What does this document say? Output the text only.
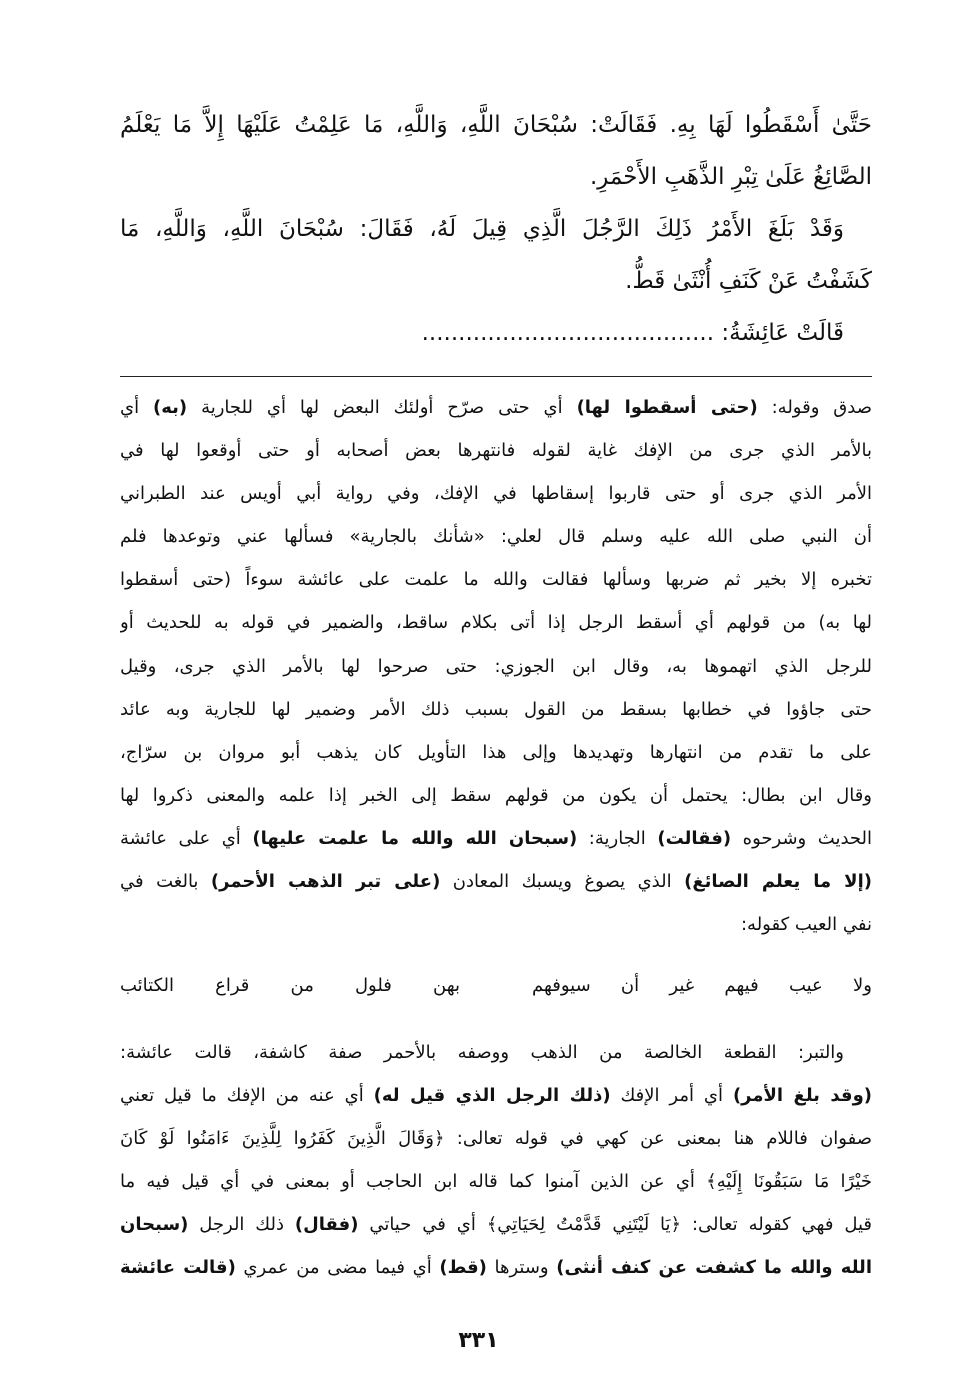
حَتَّىٰ أَسْقَطُوا لَهَا بِهِ. فَقَالَتْ: سُبْحَانَ اللَّهِ، وَاللَّهِ، مَا عَلِمْتُ عَلَيْهَا إِلاَّ مَا يَعْلَمُ
الصَّائِغُ عَلَىٰ تِبْرِ الذَّهَبِ الأَحْمَرِ.
وَقَدْ بَلَغَ الأَمْرُ ذَلِكَ الرَّجُلَ الَّذِي قِيلَ لَهُ، فَقَالَ: سُبْحَانَ اللَّهِ، وَاللَّهِ، مَا
كَشَفْتُ عَنْ كَنَفِ أُنْثَىٰ قَطُّ.
قَالَتْ عَائِشَةُ: ........................................
صدق وقوله: (حتى أسقطوا لها) أي حتى صرّح أولئك البعض لها أي للجارية (به) أي
بالأمر الذي جرى من الإفك غاية لقوله فانتهرها بعض أصحابه أو حتى أوقعوا لها في
الأمر الذي جرى أو حتى قاربوا إسقاطها في الإفك، وفي رواية أبي أويس عند الطبراني
أن النبي صلى الله عليه وسلم قال لعلي: «شأنك بالجارية» فسألها عني وتوعدها فلم
تخبره إلا بخير ثم ضربها وسألها فقالت والله ما علمت على عائشة سوءاً (حتى أسقطوا
لها به) من قولهم أي أسقط الرجل إذا أتى بكلام ساقط، والضمير في قوله به للحديث أو
للرجل الذي اتهموها به، وقال ابن الجوزي: حتى صرحوا لها بالأمر الذي جرى، وقيل
حتى جاؤوا في خطابها بسقط من القول بسبب ذلك الأمر وضمير لها للجارية وبه عائد
على ما تقدم من انتهارها وتهديدها وإلى هذا التأويل كان يذهب أبو مروان بن سرّاج،
وقال ابن بطال: يحتمل أن يكون من قولهم سقط إلى الخبر إذا علمه والمعنى ذكروا لها
الحديث وشرحوه (فقالت) الجارية: (سبحان الله والله ما علمت عليها) أي على عائشة
(إلا ما يعلم الصائغ) الذي يصوغ ويسبك المعادن (على تبر الذهب الأحمر) بالغت في
نفي العيب كقوله:
ولا عيب فيهم غير أن سيوفهم
بهن فلول من قراع الكتائب
والتبر: القطعة الخالصة من الذهب ووصفه بالأحمر صفة كاشفة، قالت عائشة:
(وقد بلغ الأمر) أي أمر الإفك (ذلك الرجل الذي قيل له) أي عنه من الإفك ما قيل تعني
صفوان فاللام هنا بمعنى عن كهي في قوله تعالى: ﴿وَقَالَ الَّذِينَ كَفَرُوا لِلَّذِينَ ءَامَنُوا لَوْ كَانَ
خَيْرًا مَا سَبَقُونَا إِلَيْهِ﴾ أي عن الذين آمنوا كما قاله ابن الحاجب أو بمعنى في أي قيل فيه ما
قيل فهي كقوله تعالى: ﴿يَا لَيْتَنِي قَدَّمْتُ لِحَيَاتِي﴾ أي في حياتي (فقال) ذلك الرجل (سبحان
الله والله ما كشفت عن كنف أنثى) وسترها (قط) أي فيما مضى من عمري (قالت عائشة
٣٣١
